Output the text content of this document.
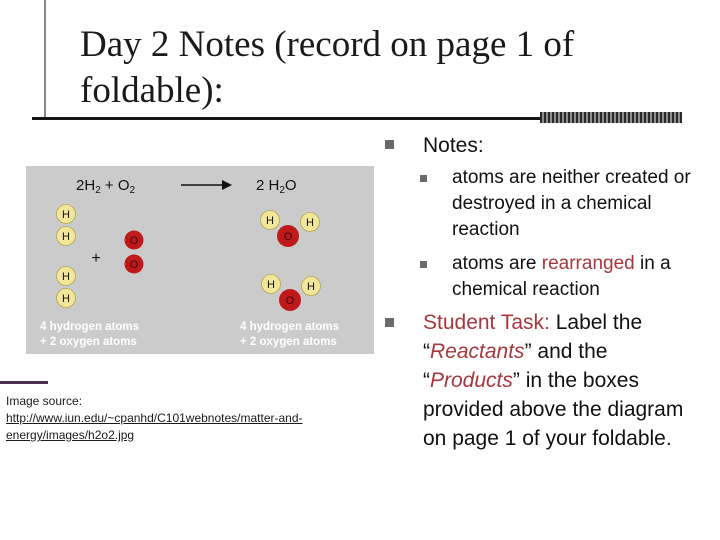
Day 2 Notes (record on page 1 of foldable):
$2H_2 + O_2$	2 $H_2O$
H
H
H
H
+
O
O
O
H	H
O
H	H
4 hydrogen atoms
+ 2 oxygen atoms
4 hydrogen atoms
+ 2 oxygen atoms
Image source:
http://www.iun.edu/~cpanhd/C101webnotes/matter-and-energy/images/h2o2.jpg
Notes:
atoms are neither created or destroyed in a chemical reaction
atoms are rearranged in a chemical reaction
Student Task: Label the “Reactants” and the “Products” in the boxes provided above the diagram on page 1 of your foldable.
